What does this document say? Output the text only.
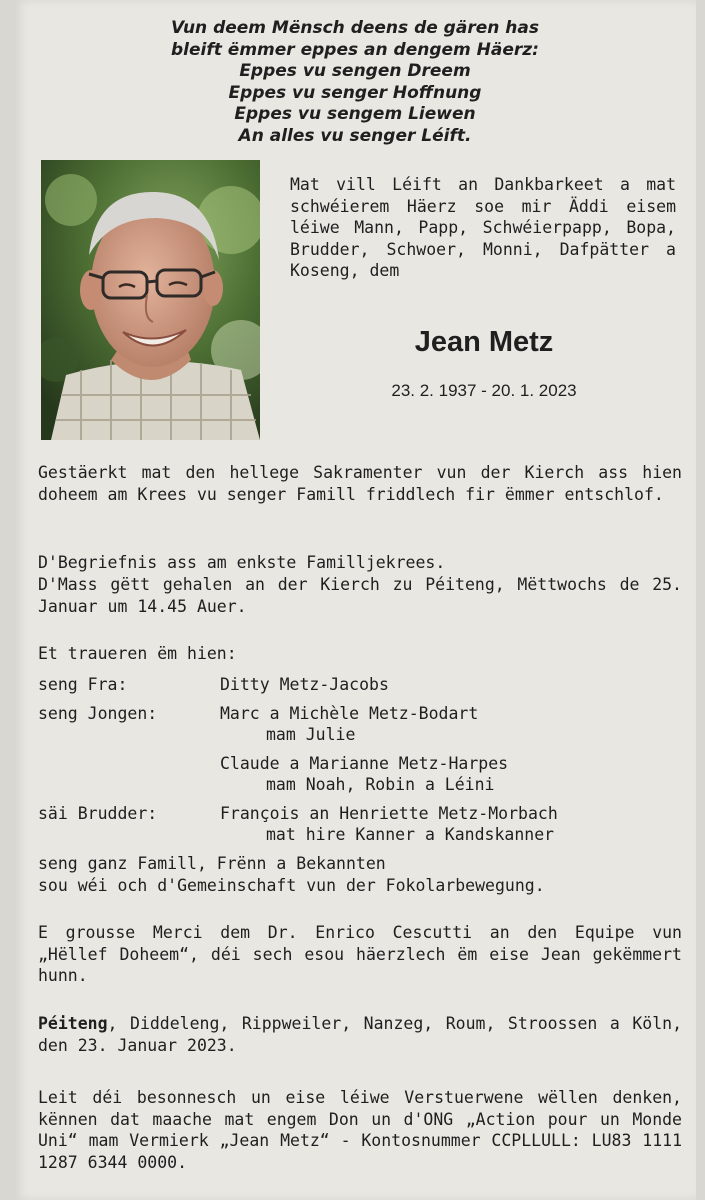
Vun deem Mënsch deens de gären has
bleift ëmmer eppes an dengem Häerz:
Eppes vu sengen Dreem
Eppes vu senger Hoffnung
Eppes vu sengem Liewen
An alles vu senger Léift.
Mat vill Léift an Dankbarkeet a mat schwéierem Häerz soe mir Äddi eisem léiwe Mann, Papp, Schwéierpapp, Bopa, Brudder, Schwoer, Monni, Dafpätter a Koseng, dem
Jean Metz
23. 2. 1937 - 20. 1. 2023
Gestäerkt mat den hellege Sakramenter vun der Kierch ass hien doheem am Krees vu senger Famill friddlech fir ëmmer entschlof.
D'Begriefnis ass am enkste Familljekrees.
D'Mass gëtt gehalen an der Kierch zu Péiteng, Mëttwochs de 25. Januar um 14.45 Auer.
Et traueren ëm hien:
seng Fra:	Ditty Metz-Jacobs
seng Jongen:	Marc a Michèle Metz-Bodart
mam Julie
Claude a Marianne Metz-Harpes
mam Noah, Robin a Léini
säi Brudder:	François an Henriette Metz-Morbach
mat hire Kanner a Kandskanner
seng ganz Famill, Frënn a Bekannten
sou wéi och d'Gemeinschaft vun der Fokolarbewegung.
E grousse Merci dem Dr. Enrico Cescutti an den Equipe vun „Hëllef Doheem“, déi sech esou häerzlech ëm eise Jean gekëmmert hunn.
Péiteng, Diddeleng, Rippweiler, Nanzeg, Roum, Stroossen a Köln, den 23. Januar 2023.
Leit déi besonnesch un eise léiwe Verstuerwene wëllen denken, kënnen dat maache mat engem Don un d'ONG „Action pour un Monde Uni“ mam Vermierk „Jean Metz“ - Kontosnummer CCPLLULL: LU83 1111 1287 6344 0000.
